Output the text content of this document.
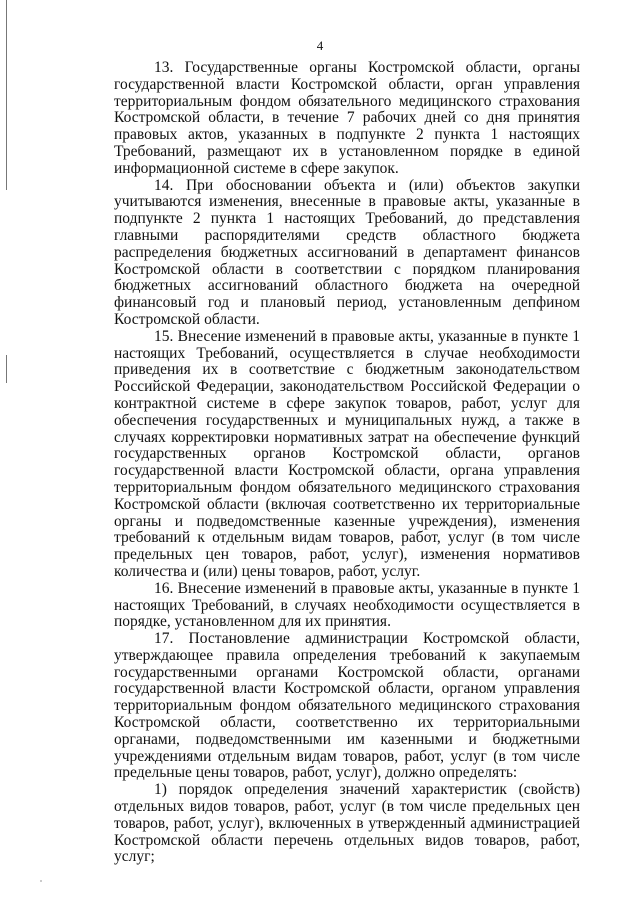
4

13. Государственные органы Костромской области, органы государственной власти Костромской области, орган управления территориальным фондом обязательного медицинского страхования Костромской области, в течение 7 рабочих дней со дня принятия правовых актов, указанных в подпункте 2 пункта 1 настоящих Требований, размещают их в установленном порядке в единой информационной системе в сфере закупок.

14. При обосновании объекта и (или) объектов закупки учитываются изменения, внесенные в правовые акты, указанные в подпункте 2 пункта 1 настоящих Требований, до представления главными распорядителями средств областного бюджета распределения бюджетных ассигнований в департамент финансов Костромской области в соответствии с порядком планирования бюджетных ассигнований областного бюджета на очередной финансовый год и плановый период, установленным депфином Костромской области.

15. Внесение изменений в правовые акты, указанные в пункте 1 настоящих Требований, осуществляется в случае необходимости приведения их в соответствие с бюджетным законодательством Российской Федерации, законодательством Российской Федерации о контрактной системе в сфере закупок товаров, работ, услуг для обеспечения государственных и муниципальных нужд, а также в случаях корректировки нормативных затрат на обеспечение функций государственных органов Костромской области, органов государственной власти Костромской области, органа управления территориальным фондом обязательного медицинского страхования Костромской области (включая соответственно их территориальные органы и подведомственные казенные учреждения), изменения требований к отдельным видам товаров, работ, услуг (в том числе предельных цен товаров, работ, услуг), изменения нормативов количества и (или) цены товаров, работ, услуг.

16. Внесение изменений в правовые акты, указанные в пункте 1 настоящих Требований, в случаях необходимости осуществляется в порядке, установленном для их принятия.

17. Постановление администрации Костромской области, утверждающее правила определения требований к закупаемым государственными органами Костромской области, органами государственной власти Костромской области, органом управления территориальным фондом обязательного медицинского страхования Костромской области, соответственно их территориальными органами, подведомственными им казенными и бюджетными учреждениями отдельным видам товаров, работ, услуг (в том числе предельные цены товаров, работ, услуг), должно определять:

1) порядок определения значений характеристик (свойств) отдельных видов товаров, работ, услуг (в том числе предельных цен товаров, работ, услуг), включенных в утвержденный администрацией Костромской области перечень отдельных видов товаров, работ, услуг;
